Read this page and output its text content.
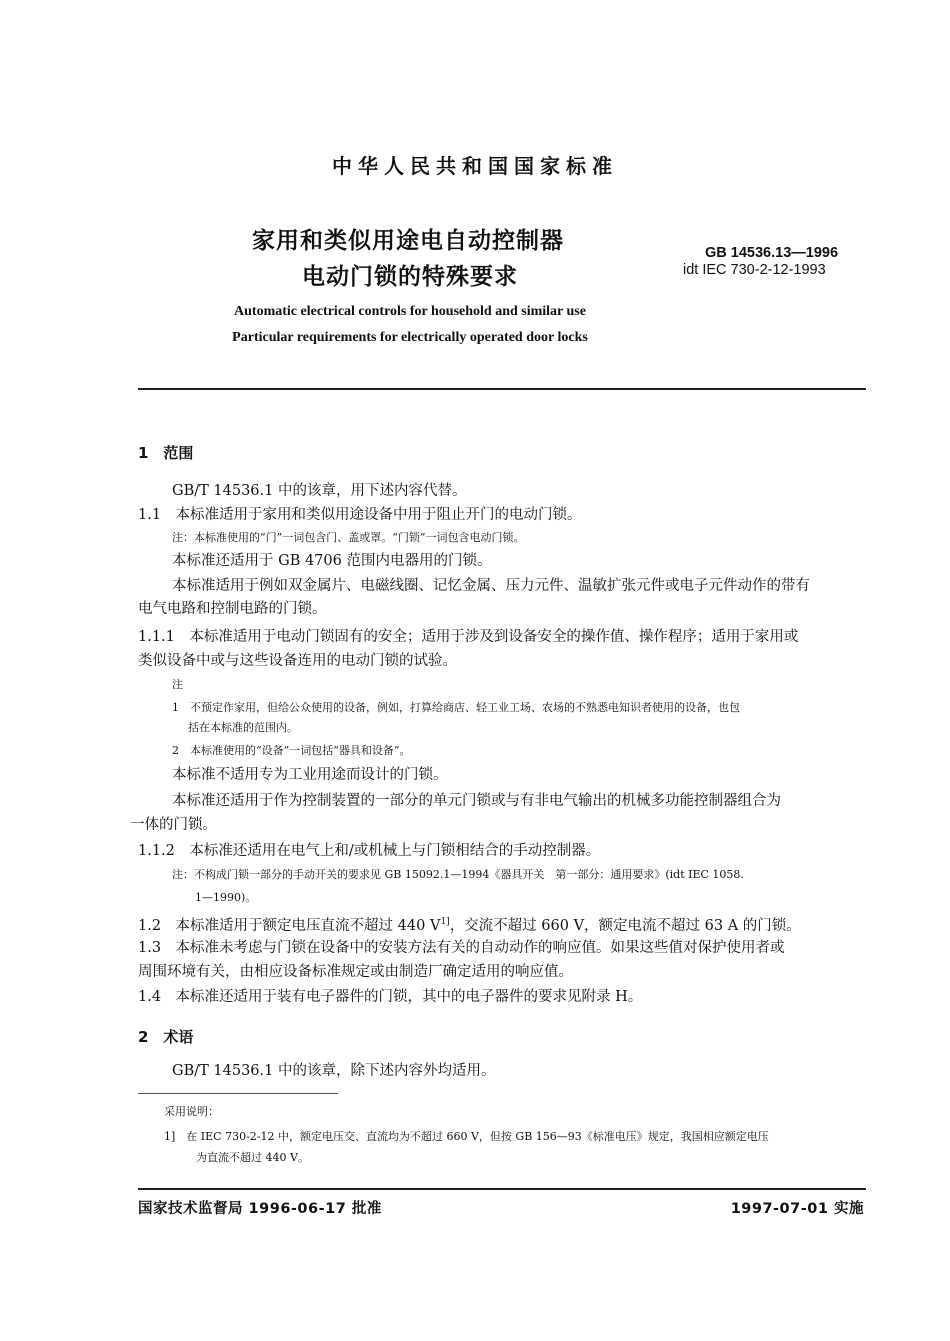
中华人民共和国国家标准
家用和类似用途电自动控制器
电动门锁的特殊要求
GB 14536.13—1996
idt IEC 730-2-12-1993
Automatic electrical controls for household and similar use
Particular requirements for electrically operated door locks
1　范围
GB/T 14536.1 中的该章，用下述内容代替。
1.1　本标准适用于家用和类似用途设备中用于阻止开门的电动门锁。
注：本标准使用的“门”一词包含门、盖或罩。“门锁”一词包含电动门锁。
本标准还适用于 GB 4706 范围内电器用的门锁。
本标准适用于例如双金属片、电磁线圈、记忆金属、压力元件、温敏扩张元件或电子元件动作的带有
电气电路和控制电路的门锁。
1.1.1　本标准适用于电动门锁固有的安全；适用于涉及到设备安全的操作值、操作程序；适用于家用或
类似设备中或与这些设备连用的电动门锁的试验。
注
1　不预定作家用，但给公众使用的设备，例如，打算给商店、轻工业工场、农场的不熟悉电知识者使用的设备，也包
括在本标准的范围内。
2　本标准使用的“设备”一词包括“器具和设备”。
本标准不适用专为工业用途而设计的门锁。
本标准还适用于作为控制装置的一部分的单元门锁或与有非电气输出的机械多功能控制器组合为
一体的门锁。
1.1.2　本标准还适用在电气上和/或机械上与门锁相结合的手动控制器。
注：不构成门锁一部分的手动开关的要求见 GB 15092.1—1994《器具开关　第一部分：通用要求》(idt IEC 1058.
1—1990)。
1.2　本标准适用于额定电压直流不超过 440 $V^{1]}$，交流不超过 660 V，额定电流不超过 63 A 的门锁。
1.3　本标准未考虑与门锁在设备中的安装方法有关的自动动作的响应值。如果这些值对保护使用者或
周围环境有关，由相应设备标准规定或由制造厂确定适用的响应值。
1.4　本标准还适用于装有电子器件的门锁，其中的电子器件的要求见附录 H。
2　术语
GB/T 14536.1 中的该章，除下述内容外均适用。
采用说明：
1]　在 IEC 730-2-12 中，额定电压交、直流均为不超过 660 V，但按 GB 156—93《标准电压》规定，我国相应额定电压
为直流不超过 440 V。
国家技术监督局 1996-06-17 批准	1997-07-01 实施
